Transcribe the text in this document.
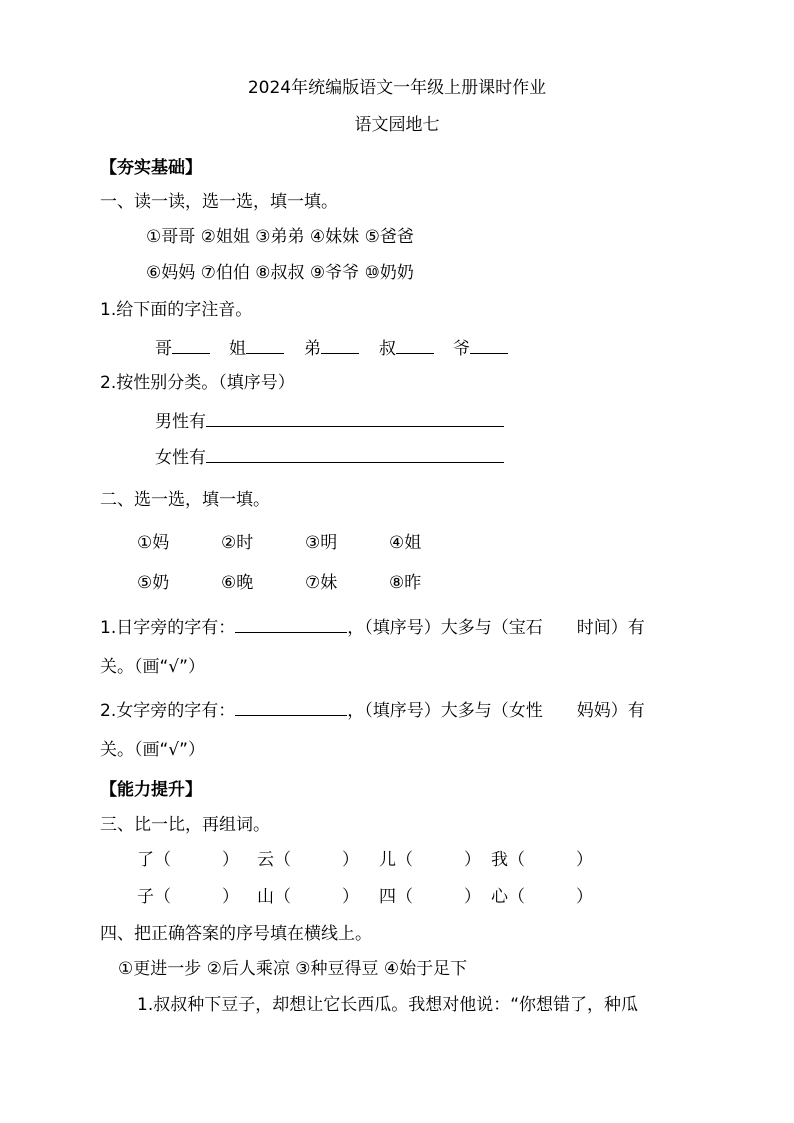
2024年统编版语文一年级上册课时作业
语文园地七
【夯实基础】
一、读一读，选一选，填一填。
①哥哥 ②姐姐 ③弟弟 ④妹妹 ⑤爸爸
⑥妈妈 ⑦伯伯 ⑧叔叔 ⑨爷爷 ⑩奶奶
1.给下面的字注音。
哥	姐	弟	叔	爷
2.按性别分类。（填序号）
男性有
女性有
二、选一选，填一填。
①妈	②时	③明	④姐
⑤奶	⑥晚	⑦妹	⑧昨
1.日字旁的字有：	，（填序号）大多与（宝石　　时间）有
关。（画“√”）
2.女字旁的字有：	，（填序号）大多与（女性　　妈妈）有
关。（画“√”）
【能力提升】
三、比一比，再组词。
了（　　　） 云（　　　） 儿（　　　） 我（　　　）
子（　　　） 山（　　　） 四（　　　） 心（　　　）
四、把正确答案的序号填在横线上。
①更进一步 ②后人乘凉 ③种豆得豆 ④始于足下
1.叔叔种下豆子，却想让它长西瓜。我想对他说：“你想错了，种瓜
